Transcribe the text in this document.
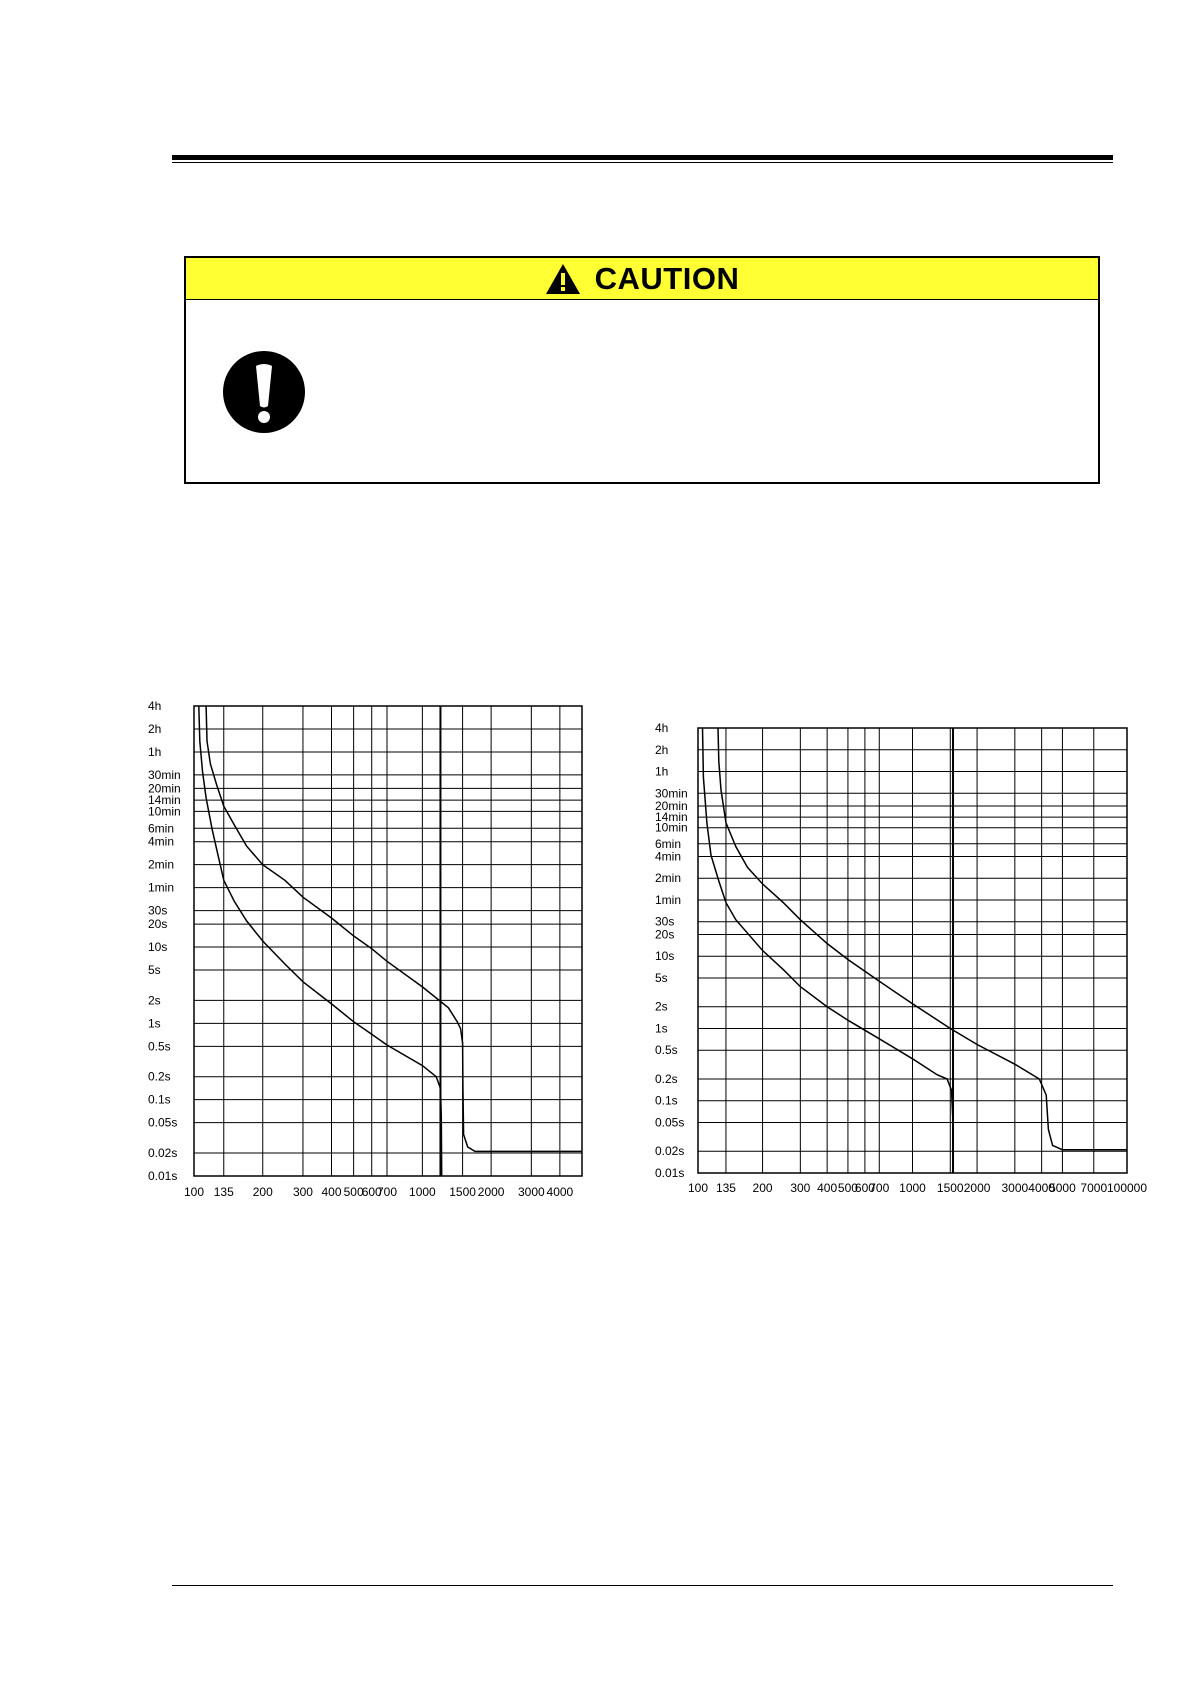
CAUTION
4h
2h
1h
30min
20min
14min
10min
6min
4min
2min
1min
30s
20s
10s
5s
2s
1s
0.5s
0.2s
0.1s
0.05s
0.02s
0.01s
100 135 200 300 400 500
600
700 1000 1500 2000 3000 4000
4h
2h
1h
30min
20min
14min
10min
6min
4min
2min
1min
30s
20s
10s
5s
2s
1s
0.5s
0.2s
0.1s
0.05s
0.02s
0.01s
100 135 200 300 400 500
600
700 1000 1500 2000 3000 4000
5000 7000 100000
